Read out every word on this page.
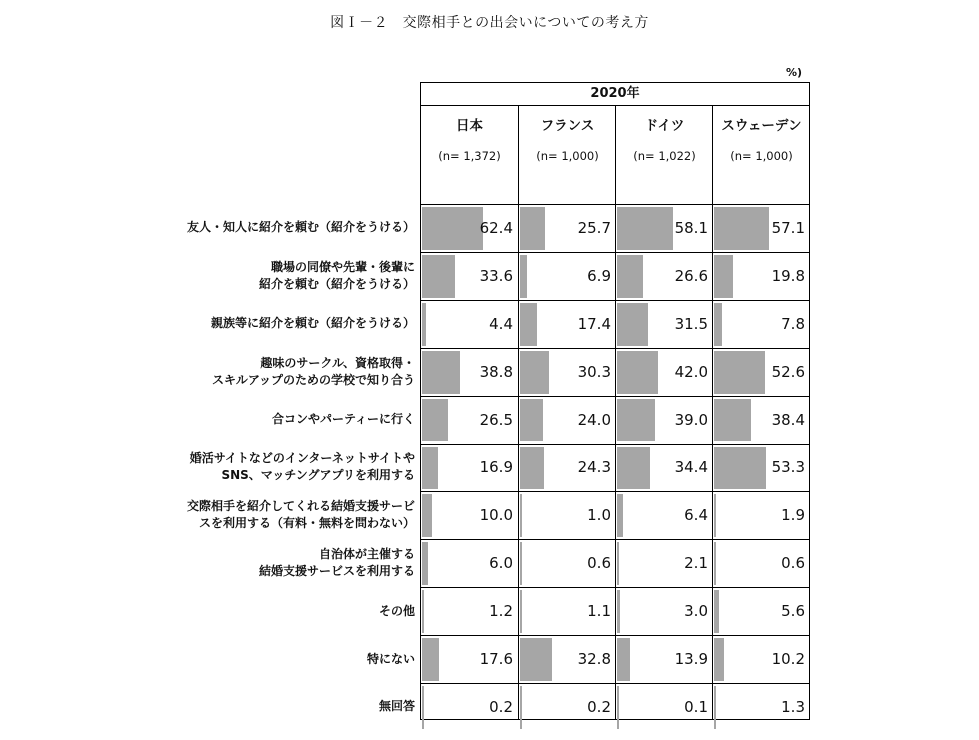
図Ｉ－２　交際相手との出会いについての考え方
%)
友人・知人に紹介を頼む（紹介をうける）
職場の同僚や先輩・後輩に
紹介を頼む（紹介をうける）
親族等に紹介を頼む（紹介をうける）
趣味のサークル、資格取得・
スキルアップのための学校で知り合う
合コンやパーティーに行く
婚活サイトなどのインターネットサイトや
SNS、マッチングアプリを利用する
交際相手を紹介してくれる結婚支援サービ
スを利用する（有料・無料を問わない）
自治体が主催する
結婚支援サービスを利用する
その他
特にない
無回答
2020年
日本
(n= 1,372)
62.4
33.6
4.4
38.8
26.5
16.9
10.0
6.0
1.2
17.6
0.2
フランス
(n= 1,000)
25.7
6.9
17.4
30.3
24.0
24.3
1.0
0.6
1.1
32.8
0.2
ドイツ
(n= 1,022)
58.1
26.6
31.5
42.0
39.0
34.4
6.4
2.1
3.0
13.9
0.1
スウェーデン
(n= 1,000)
57.1
19.8
7.8
52.6
38.4
53.3
1.9
0.6
5.6
10.2
1.3
